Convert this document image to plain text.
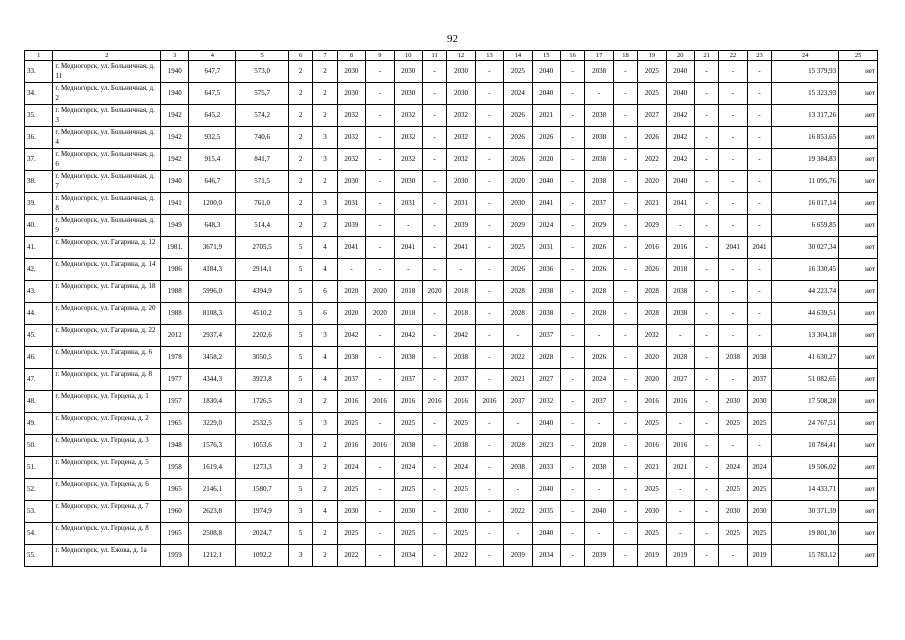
92
1	2	3	4	5	6	7	8	9	10	11	12	13	14	15	16	17	18	19	20	21	22	23	24	25
33.	г. Медногорск, ул. Больничная, д. 11	1940	647,7	573,0	2	2	2030	-	2030	-	2030	-	2025	2040	-	2038	-	2025	2040	-	-	-	15 379,93	нет
34.	г. Медногорск, ул. Больничная, д. 2	1940	647,5	575,7	2	2	2030	-	2030	-	2030	-	2024	2040	-	-	-	2025	2040	-	-	-	15 323,93	нет
35.	г. Медногорск, ул. Больничная, д. 3	1942	645,2	574,2	2	2	2032	-	2032	-	2032	-	2026	2021	-	2038	-	2027	2042	-	-	-	13 317,26	нет
36.	г. Медногорск, ул. Больничная, д. 4	1942	932,5	740,6	2	3	2032	-	2032	-	2032	-	2026	2026	-	2038	-	2026	2042	-	-	-	16 853,65	нет
37.	г. Медногорск, ул. Больничная, д. 6	1942	915,4	841,7	2	3	2032	-	2032	-	2032	-	2026	2020	-	2038	-	2022	2042	-	-	-	19 384,83	нет
38.	г. Медногорск, ул. Больничная, д. 7	1940	646,7	571,5	2	2	2030	-	2030	-	2030	-	2020	2040	-	2038	-	2020	2040	-	-	-	11 095,76	нет
39.	г. Медногорск, ул. Больничная, д. 8	1941	1200,0	761,0	2	3	2031	-	2031	-	2031	-	2030	2041	-	2037	-	2021	2041	-	-	-	16 017,14	нет
40.	г. Медногорск, ул. Больничная, д. 9	1949	648,3	514,4	2	2	2039	-	-	-	2039	-	2029	2024	-	2029	-	2029	-	-	-	-	6 659,85	нет
41.	г. Медногорск, ул. Гагарина, д. 12	1981.	3671,9	2705,5	5	4	2041	-	2041	-	2041	-	2025	2031	-	2026	-	2016	2016	-	2041	2041	30 027,34	нет
42.	г. Медногорск, ул. Гагарина, д. 14	1986	4184,3	2914,1	5	4	-	-	-	-	-	-	2026	2036	-	2026	-	2026	2018	-	-	-	16 330,45	нет
43.	г. Медногорск, ул. Гагарина, д. 18	1988	5996,0	4394,9	5	6	2020	2020	2018	2020	2018	-	2028	2038	-	2028	-	2028	2038	-	-	-	44 223,74	нет
44.	г. Медногорск, ул. Гагарина, д. 20	1988	8108,3	4510,2	5	6	2020	2020	2018	-	2018	-	2028	2038	-	2028	-	2028	2038	-	-	-	44 639,51	нет
45.	г. Медногорск, ул. Гагарина, д. 22	2012	2937,4	2202,6	5	3	2042	-	2042	-	2042	-	-	2037	-	-	-	2032	-	-	-	-	13 304,18	нет
46.	г. Медногорск, ул. Гагарина, д. 6	1978	3458,2	3050,5	5	4	2038	-	2038	-	2038	-	2022	2028	-	2026	-	2020	2028	-	2038	2038	41 630,27	нет
47.	г. Медногорск, ул. Гагарина, д. 8	1977	4344,3	3923,8	5	4	2037	-	2037	-	2037	-	2021	2027	-	2024	-	2020	2027	-	-	2037	51 082,65	нет
48.	г. Медногорск, ул. Герцена, д. 1	1957	1830,4	1726,5	3	2	2016	2016	2016	2016	2016	2016	2037	2032	-	2037	-	2016	2016	-	2030	2030	17 508,28	нет
49.	г. Медногорск, ул. Герцена, д. 2	1965	3229,0	2532,5	5	3	2025	-	2025	-	2025	-	-	2040	-	-	-	2025	-	-	2025	2025	24 767,51	нет
50.	г. Медногорск, ул. Герцена, д. 3	1948	1576,3	1053,6	3	2	2016	2016	2038	-	2038	-	2028	2023	-	2028	-	2016	2016	-	-	-	10 784,41	нет
51.	г. Медногорск, ул. Герцена, д. 5	1958	1619,4	1273,3	3	2	2024	-	2024	-	2024	-	2038	2033	-	2038	-	2021	2021	-	2024	2024	19 506,02	нет
52.	г. Медногорск, ул. Герцена, д. 6	1965	2146,1	1580,7	5	2	2025	-	2025	-	2025	-	-	2040	-	-	-	2025	-	-	2025	2025	14 433,71	нет
53.	г. Медногорск, ул. Герцена, д. 7	1960	2623,8	1974,9	3	4	2030	-	2030	-	2030	-	2022	2035	-	2040	-	2030	-	-	2030	2030	30 371,39	нет
54.	г. Медногорск, ул. Герцена, д. 8	1965	2508,8	2024,7	5	2	2025	-	2025	-	2025	-	-	2040	-	-	-	2025	-	-	2025	2025	19 801,30	нет
55.	г. Медногорск, ул. Ежова, д. 1а	1959	1212,1	1092,2	3	2	2022	-	2034	-	2022	-	2039	2034	-	2039	-	2019	2019	-	-	2019	15 783,12	нет
